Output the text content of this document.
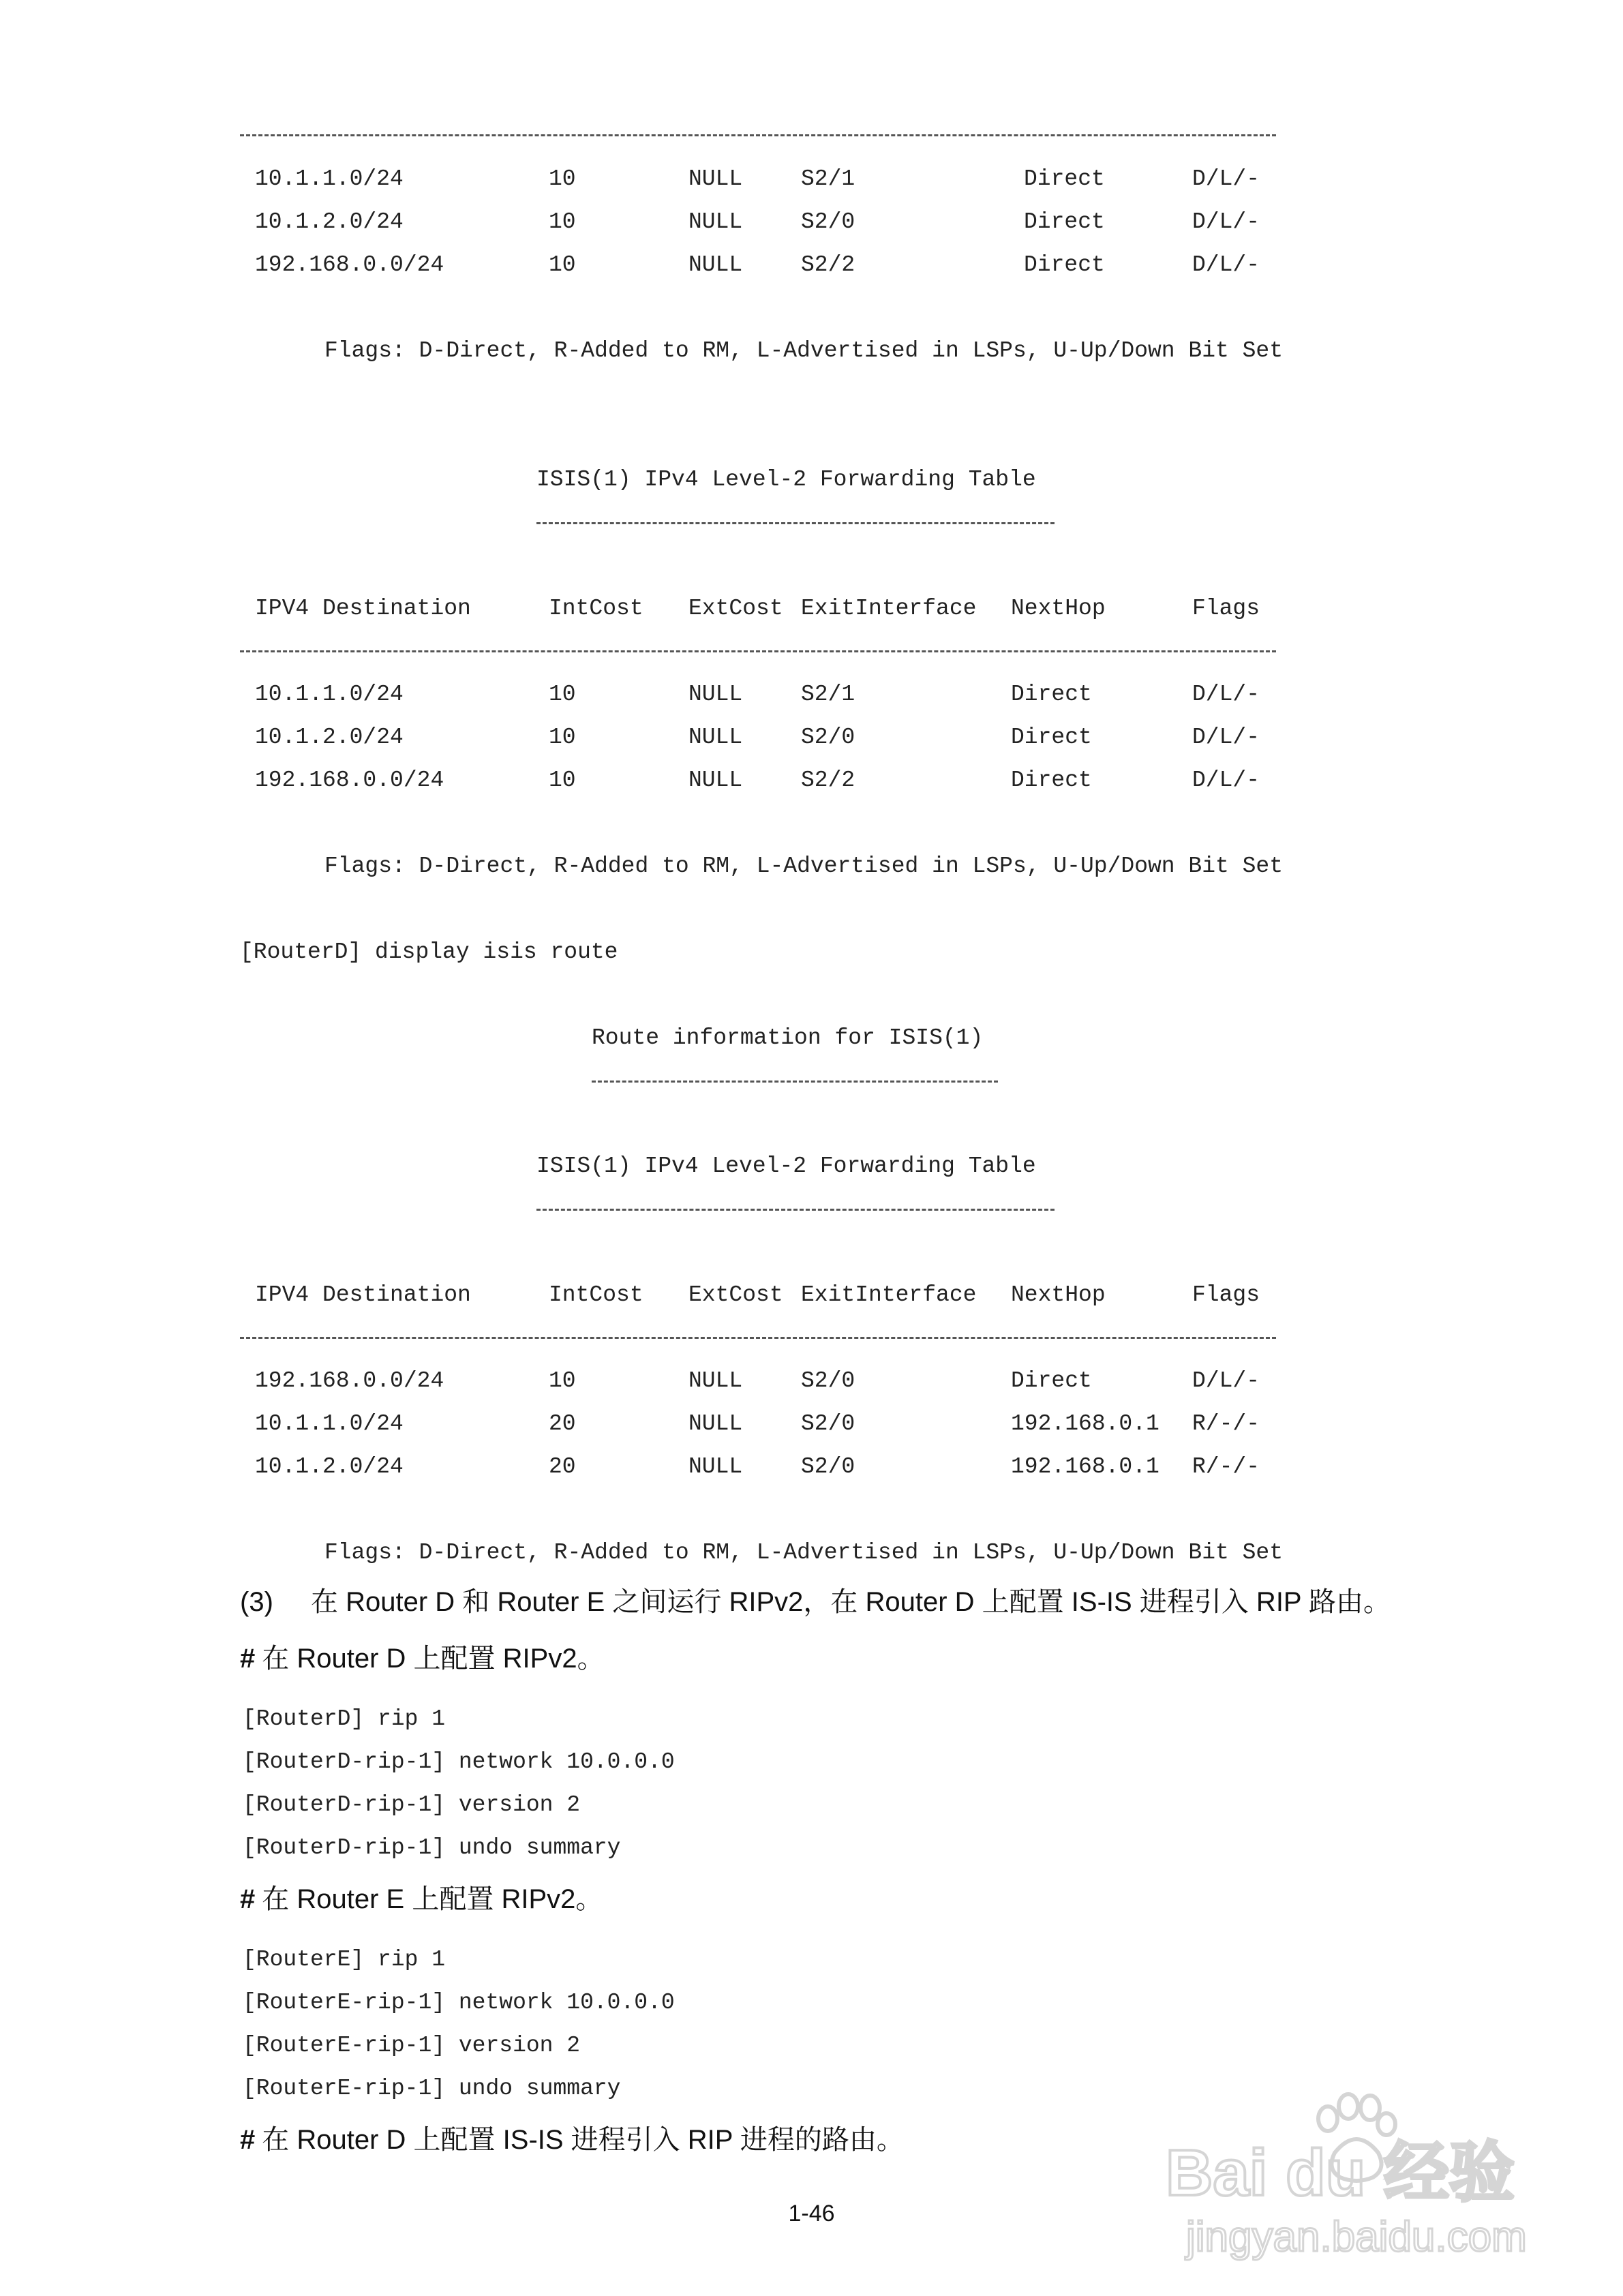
10.1.1.0/24	10	NULL	S2/1	Direct	D/L/-
10.1.2.0/24	10	NULL	S2/0	Direct	D/L/-
192.168.0.0/24	10	NULL	S2/2	Direct	D/L/-
Flags: D-Direct, R-Added to RM, L-Advertised in LSPs, U-Up/Down Bit Set
ISIS(1) IPv4 Level-2 Forwarding Table
IPV4 Destination	IntCost ExtCost ExitInterface NextHop	Flags
10.1.1.0/24	10	NULL	S2/1	Direct	D/L/-
10.1.2.0/24	10	NULL	S2/0	Direct	D/L/-
192.168.0.0/24	10	NULL	S2/2	Direct	D/L/-
Flags: D-Direct, R-Added to RM, L-Advertised in LSPs, U-Up/Down Bit Set
[RouterD] display isis route
Route information for ISIS(1)
ISIS(1) IPv4 Level-2 Forwarding Table
IPV4 Destination	IntCost ExtCost ExitInterface NextHop	Flags
192.168.0.0/24	10	NULL	S2/0	Direct	D/L/-
10.1.1.0/24	20	NULL	S2/0	192.168.0.1 R/-/-
10.1.2.0/24	20	NULL	S2/0	192.168.0.1 R/-/-
Flags: D-Direct, R-Added to RM, L-Advertised in LSPs, U-Up/Down Bit Set
(3) 在 Router D 和 Router E 之间运行 RIPv2，在 Router D 上配置 IS-IS 进程引入 RIP 路由。
# 在 Router D 上配置 RIPv2。
[RouterD] rip 1
[RouterD-rip-1] network 10.0.0.0
[RouterD-rip-1] version 2
[RouterD-rip-1] undo summary
# 在 Router E 上配置 RIPv2。
[RouterE] rip 1
[RouterE-rip-1] network 10.0.0.0
[RouterE-rip-1] version 2
[RouterE-rip-1] undo summary
# 在 Router D 上配置 IS-IS 进程引入 RIP 进程的路由。
1-46
Bai du 经验
jingyan.baidu.com
